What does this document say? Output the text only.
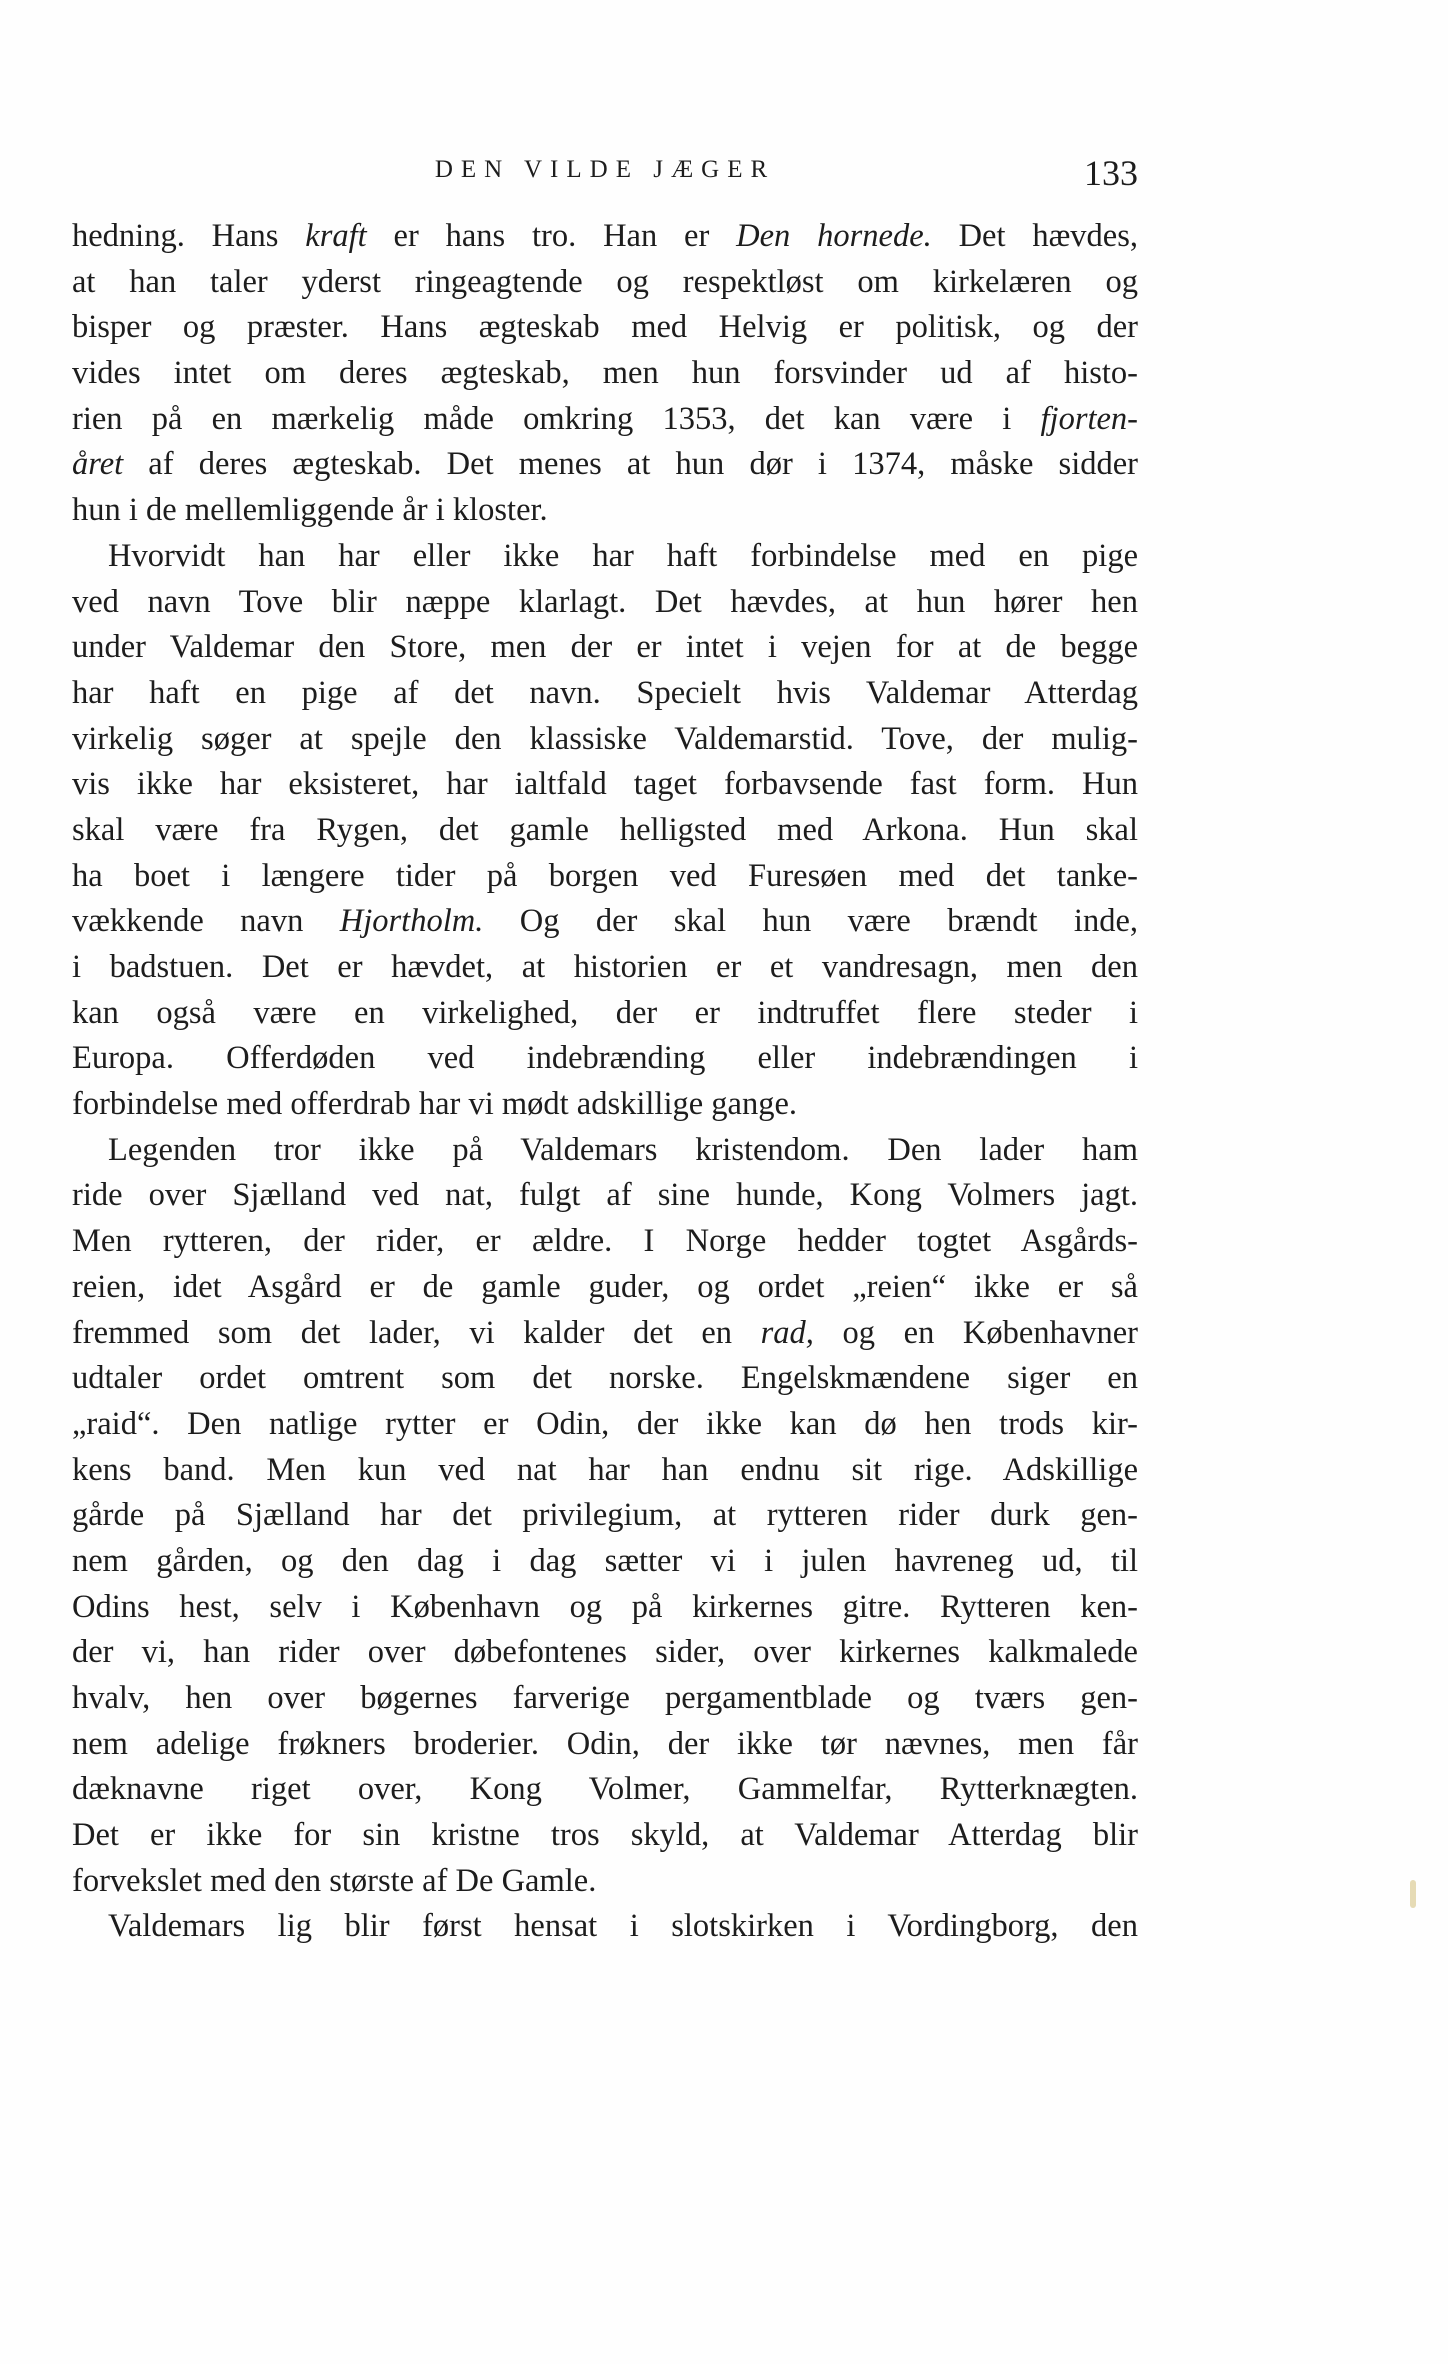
DEN VILDE JÆGER	133
hedning. Hans kraft er hans tro. Han er Den hornede. Det hævdes,
at han taler yderst ringeagtende og respektløst om kirkelæren og
bisper og præster. Hans ægteskab med Helvig er politisk, og der
vides intet om deres ægteskab, men hun forsvinder ud af histo-
rien på en mærkelig måde omkring 1353, det kan være i fjorten-
året af deres ægteskab. Det menes at hun dør i 1374, måske sidder
hun i de mellemliggende år i kloster.
Hvorvidt han har eller ikke har haft forbindelse med en pige
ved navn Tove blir næppe klarlagt. Det hævdes, at hun hører hen
under Valdemar den Store, men der er intet i vejen for at de begge
har haft en pige af det navn. Specielt hvis Valdemar Atterdag
virkelig søger at spejle den klassiske Valdemarstid. Tove, der mulig-
vis ikke har eksisteret, har ialtfald taget forbavsende fast form. Hun
skal være fra Rygen, det gamle helligsted med Arkona. Hun skal
ha boet i længere tider på borgen ved Furesøen med det tanke-
vækkende navn Hjortholm. Og der skal hun være brændt inde,
i badstuen. Det er hævdet, at historien er et vandresagn, men den
kan også være en virkelighed, der er indtruffet flere steder i
Europa. Offerdøden ved indebrænding eller indebrændingen i
forbindelse med offerdrab har vi mødt adskillige gange.
Legenden tror ikke på Valdemars kristendom. Den lader ham
ride over Sjælland ved nat, fulgt af sine hunde, Kong Volmers jagt.
Men rytteren, der rider, er ældre. I Norge hedder togtet Asgårds-
reien, idet Asgård er de gamle guder, og ordet „reien“ ikke er så
fremmed som det lader, vi kalder det en rad, og en Københavner
udtaler ordet omtrent som det norske. Engelskmændene siger en
„raid“. Den natlige rytter er Odin, der ikke kan dø hen trods kir-
kens band. Men kun ved nat har han endnu sit rige. Adskillige
gårde på Sjælland har det privilegium, at rytteren rider durk gen-
nem gården, og den dag i dag sætter vi i julen havreneg ud, til
Odins hest, selv i København og på kirkernes gitre. Rytteren ken-
der vi, han rider over døbefontenes sider, over kirkernes kalkmalede
hvalv, hen over bøgernes farverige pergamentblade og tværs gen-
nem adelige frøkners broderier. Odin, der ikke tør nævnes, men får
dæknavne riget over, Kong Volmer, Gammelfar, Rytterknægten.
Det er ikke for sin kristne tros skyld, at Valdemar Atterdag blir
forvekslet med den største af De Gamle.
Valdemars lig blir først hensat i slotskirken i Vordingborg, den
